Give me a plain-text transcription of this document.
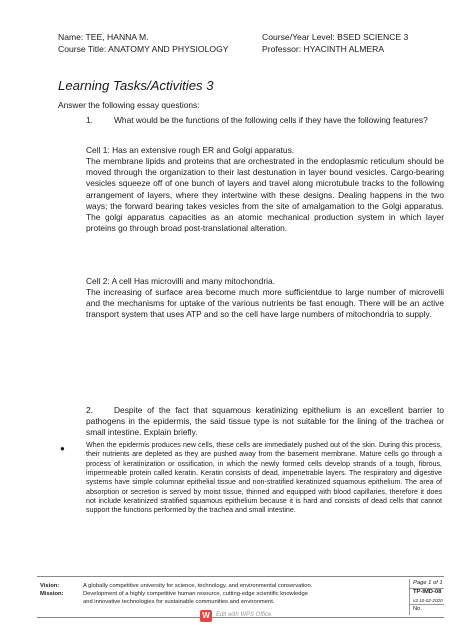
Name: TEE, HANNA M.
Course Title: ANATOMY AND PHYSIOLOGY
Course/Year Level: BSED SCIENCE 3
Professor: HYACINTH ALMERA
Learning Tasks/Activities 3
Answer the following essay questions:
1.	What would be the functions of the following cells if they have the following features?
Cell 1: Has an extensive rough ER and Golgi apparatus.
The membrane lipids and proteins that are orchestrated in the endoplasmic reticulum should be moved through the organization to their last destunation in layer bound vesicles. Cargo-bearing vesicles squeeze off of one bunch of layers and travel along microtubule tracks to the following arrangement of layers, where they intertwine with these designs. Dealing happens in the two ways; the forward bearing takes vesicles from the site of amalgamation to the Golgi apparatus. The golgi apparatus capacities as an atomic mechanical production system in which layer proteins go through broad post-translational alteration.
Cell 2: A cell Has microvilli and many mitochondria.
The increasing of surface area become much more sufficientdue to large number of microvelli and the mechanisms for uptake of the various nutrients be fast enough. There will be an active transport system that uses ATP and so the cell have large numbers of mitochondria to supply.
2.	Despite of the fact that squamous keratinizing epithelium is an excellent barrier to pathogens in the epidermis, the said tissue type is not suitable for the lining of the trachea or small intestine. Explain briefly.
●	When the epidermis produces new cells, these cells are immediately pushed out of the skin. During this process, their nutrients are depleted as they are pushed away from the basement membrane. Mature cells go through a process of keratinization or ossification, in which the newly formed cells develop strands of a tough, fibrous, impermeable protein called keratin. Keratin consists of dead, impenetrable layers. The respiratory and digestive systems have simple columnar epithelial tissue and non-stratified keratinized squamous epithelium. The area of absorption or secretion is served by moist tissue, thinned and equipped with blood capillaries, therefore it does not include keratinized stratified squamous epithelium because it is hard and consists of dead cells that cannot support the functions performed by the trachea and small intestine.
Vision:	A globally competitive university for science, technology, and environmental conservation.
Mission:	Development of a highly competitive human resource, cutting-edge scientific knowledge
and innovative technologies for sustainable communities and environment.
Page 1 of 1
TP-IMD-08
v3 10-02-2020
No.
W	Edit with WPS Office
